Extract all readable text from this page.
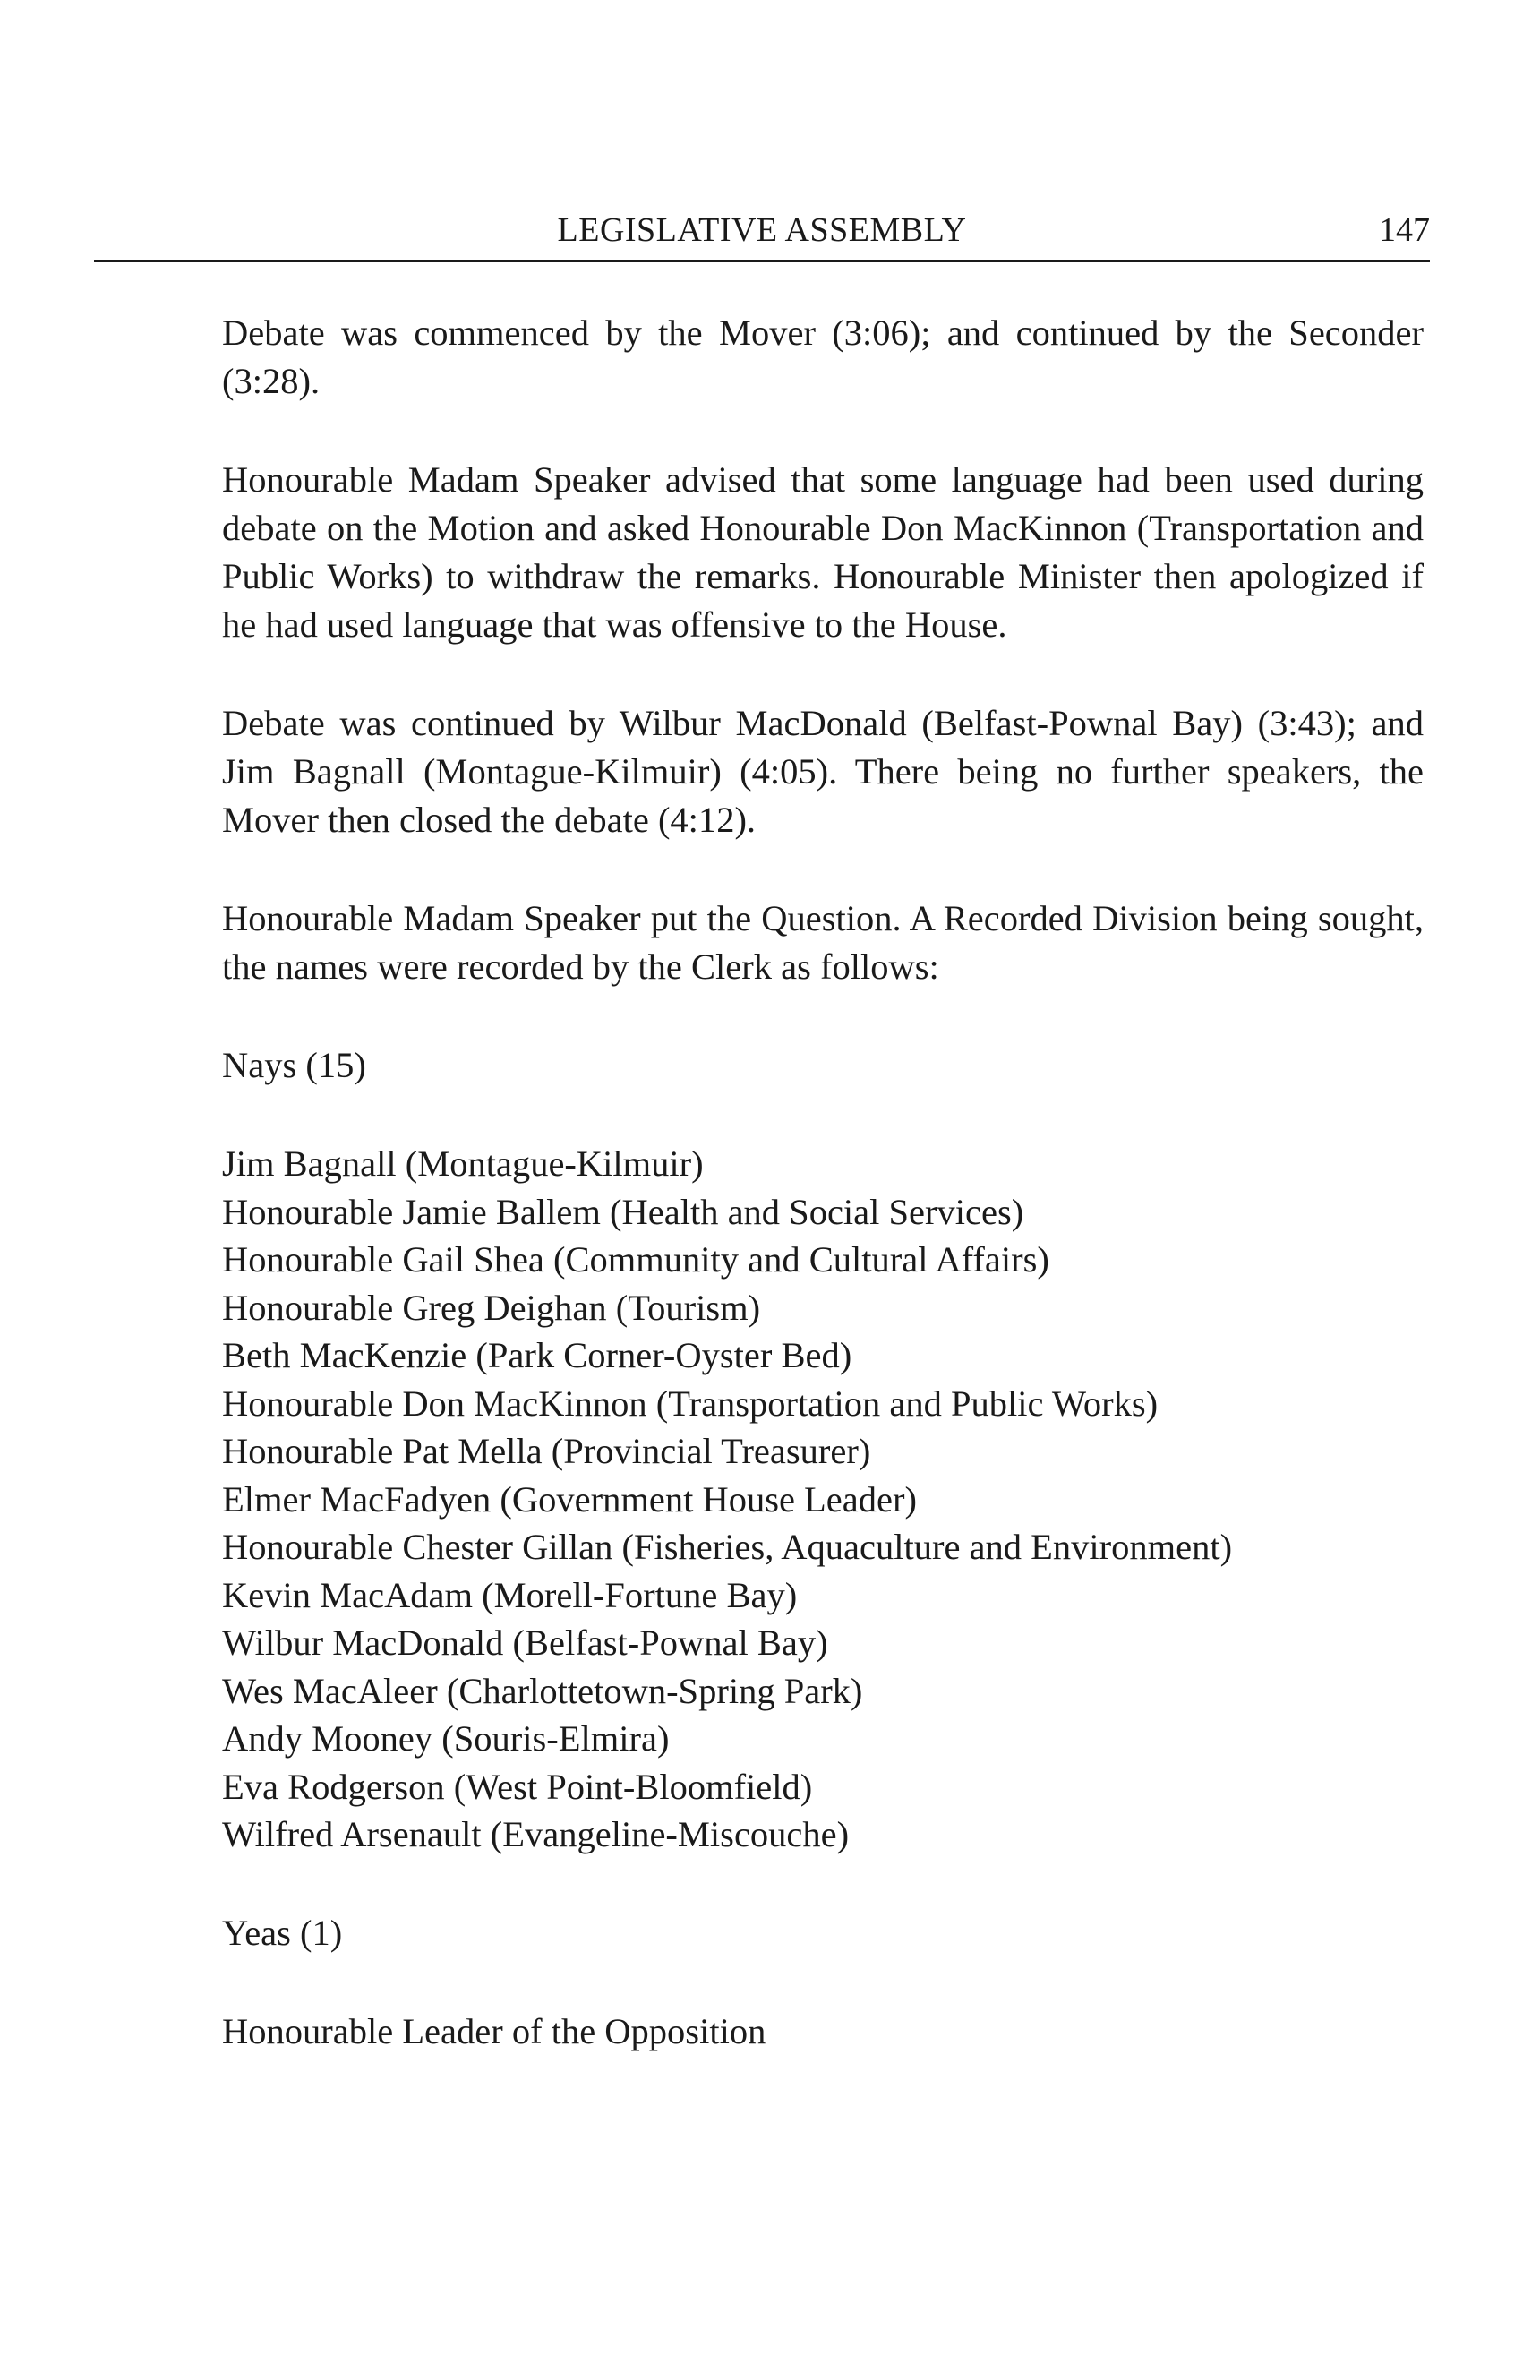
LEGISLATIVE ASSEMBLY	147

Debate was commenced by the Mover (3:06); and continued by the Seconder (3:28).

Honourable Madam Speaker advised that some language had been used during debate on the Motion and asked Honourable Don MacKinnon (Transportation and Public Works) to withdraw the remarks. Honourable Minister then apologized if he had used language that was offensive to the House.

Debate was continued by Wilbur MacDonald (Belfast-Pownal Bay) (3:43); and Jim Bagnall (Montague-Kilmuir) (4:05). There being no further speakers, the Mover then closed the debate (4:12).

Honourable Madam Speaker put the Question. A Recorded Division being sought, the names were recorded by the Clerk as follows:

Nays (15)
Jim Bagnall (Montague-Kilmuir)
Honourable Jamie Ballem (Health and Social Services)
Honourable Gail Shea (Community and Cultural Affairs)
Honourable Greg Deighan (Tourism)
Beth MacKenzie (Park Corner-Oyster Bed)
Honourable Don MacKinnon (Transportation and Public Works)
Honourable Pat Mella (Provincial Treasurer)
Elmer MacFadyen (Government House Leader)
Honourable Chester Gillan (Fisheries, Aquaculture and Environment)
Kevin MacAdam (Morell-Fortune Bay)
Wilbur MacDonald (Belfast-Pownal Bay)
Wes MacAleer (Charlottetown-Spring Park)
Andy Mooney (Souris-Elmira)
Eva Rodgerson (West Point-Bloomfield)
Wilfred Arsenault (Evangeline-Miscouche)
Yeas (1)
Honourable Leader of the Opposition
